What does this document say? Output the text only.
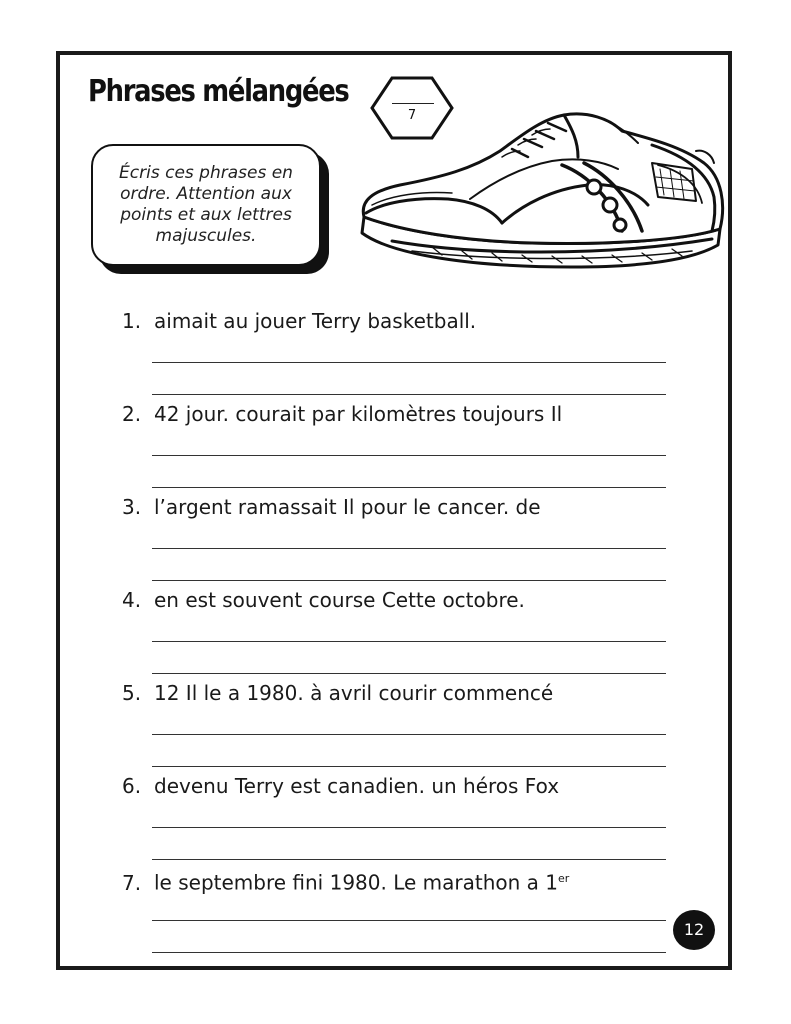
Phrases mélangées
7

Écris ces phrases en ordre. Attention aux points et aux lettres majuscules.

1. aimait au jouer Terry basketball.

2. 42 jour. courait par kilomètres toujours Il

3. l’argent ramassait Il pour le cancer. de

4. en est souvent course Cette octobre.

5. 12 Il le a 1980. à avril courir commencé

6. devenu Terry est canadien. un héros Fox

7. le septembre fini 1980. Le marathon a 1er

12
